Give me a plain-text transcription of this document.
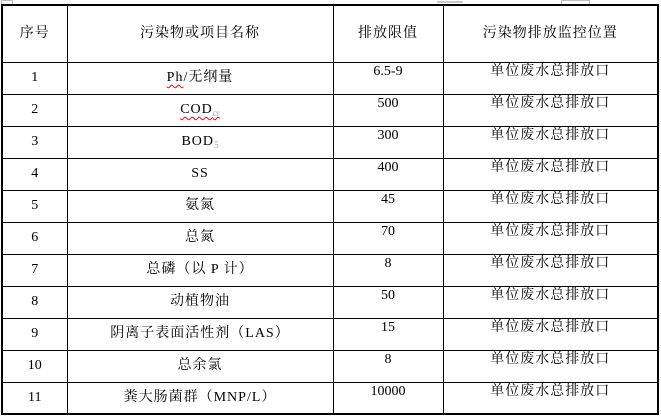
序号	污染物或项目名称	排放限值	污染物排放监控位置
1	Ph/无纲量	6.5-9	单位废水总排放口
2	$COD_{cr}$	500	单位废水总排放口
3	$BOD_5$	300	单位废水总排放口
4	SS	400	单位废水总排放口
5	氨氮	45	单位废水总排放口
6	总氮	70	单位废水总排放口
7	总磷（以 P 计）	8	单位废水总排放口
8	动植物油	50	单位废水总排放口
9	阴离子表面活性剂（LAS）	15	单位废水总排放口
10	总余氯	8	单位废水总排放口
11	粪大肠菌群（MNP/L）	10000	单位废水总排放口
